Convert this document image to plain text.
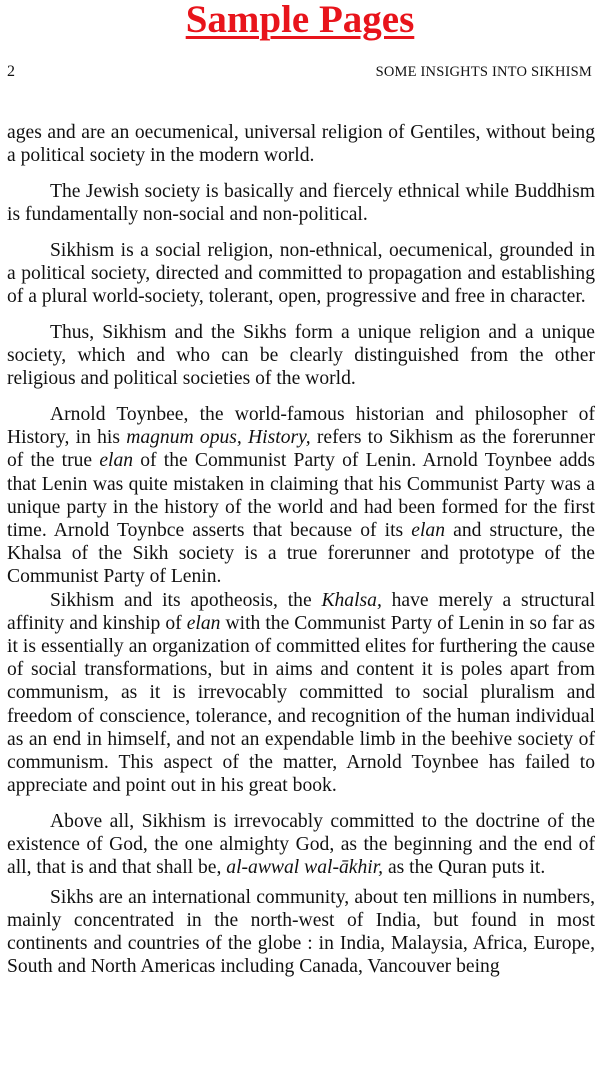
Sample Pages
2	SOME INSIGHTS INTO SIKHISM

ages and are an oecumenical, universal religion of Gentiles, without being a political society in the modern world.

The Jewish society is basically and fiercely ethnical while Buddhism is fundamentally non-social and non-political.

Sikhism is a social religion, non-ethnical, oecumenical, grounded in a political society, directed and committed to propagation and establishing of a plural world-society, tolerant, open, progressive and free in character.

Thus, Sikhism and the Sikhs form a unique religion and a unique society, which and who can be clearly distinguished from the other religious and political societies of the world.

Arnold Toynbee, the world-famous historian and philosopher of History, in his magnum opus, History, refers to Sikhism as the forerunner of the true elan of the Communist Party of Lenin. Arnold Toynbee adds that Lenin was quite mistaken in claiming that his Communist Party was a unique party in the history of the world and had been formed for the first time. Arnold Toynbce asserts that because of its elan and structure, the Khalsa of the Sikh society is a true forerunner and prototype of the Communist Party of Lenin.

Sikhism and its apotheosis, the Khalsa, have merely a structural affinity and kinship of elan with the Communist Party of Lenin in so far as it is essentially an organization of committed elites for furthering the cause of social transformations, but in aims and content it is poles apart from communism, as it is irrevocably committed to social pluralism and freedom of conscience, tolerance, and recognition of the human individual as an end in himself, and not an expendable limb in the beehive society of communism. This aspect of the matter, Arnold Toynbee has failed to appreciate and point out in his great book.

Above all, Sikhism is irrevocably committed to the doctrine of the existence of God, the one almighty God, as the beginning and the end of all, that is and that shall be, al-awwal wal-ākhir, as the Quran puts it.

Sikhs are an international community, about ten millions in numbers, mainly concentrated in the north-west of India, but found in most continents and countries of the globe : in India, Malaysia, Africa, Europe, South and North Americas including Canada, Vancouver being
